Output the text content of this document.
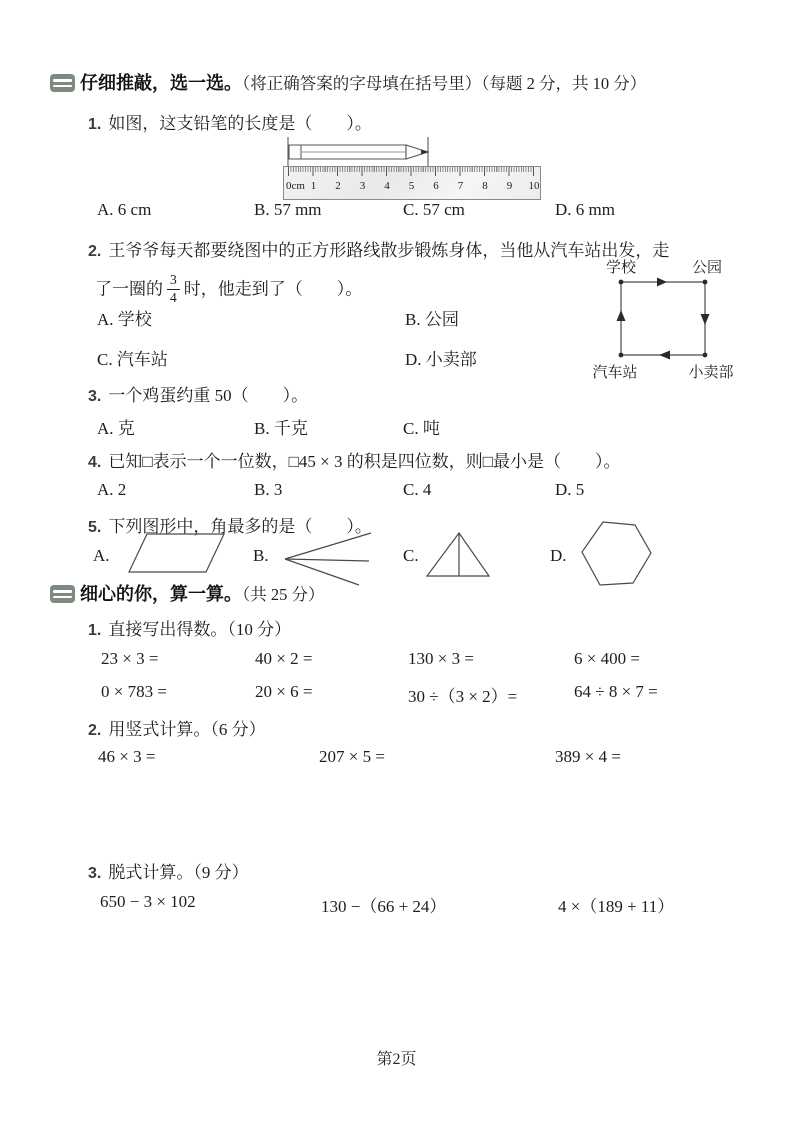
仔细推敲，选一选。（将正确答案的字母填在括号里）（每题 2 分，共 10 分）
1. 如图，这支铅笔的长度是（　　）。
0cm 1 2 3 4 5 6 7 8 9 10
A. 6 cm	B. 57 mm	C. 57 cm	D. 6 mm
2. 王爷爷每天都要绕图中的正方形路线散步锻炼身体，当他从汽车站出发，走
了一圈的 $\frac{3}{4}$ 时，他走到了（　　）。
学校	公园
汽车站	小卖部
A. 学校	B. 公园
C. 汽车站	D. 小卖部
3. 一个鸡蛋约重 50（　　）。
A. 克	B. 千克	C. 吨
4. 已知□表示一个一位数，□45 × 3 的积是四位数，则□最小是（　　）。
A. 2	B. 3	C. 4	D. 5
5. 下列图形中，角最多的是（　　）。
A.	B.	C.	D.
细心的你，算一算。（共 25 分）
1. 直接写出得数。（10 分）
23 × 3 =	40 × 2 =	130 × 3 =	6 × 400 =
0 × 783 =	20 × 6 =	30 ÷（3 × 2）=	64 ÷ 8 × 7 =
2. 用竖式计算。（6 分）
46 × 3 =	207 × 5 =	389 × 4 =
3. 脱式计算。（9 分）
650 − 3 × 102	130 −（66 + 24）	4 ×（189 + 11）
第2页
